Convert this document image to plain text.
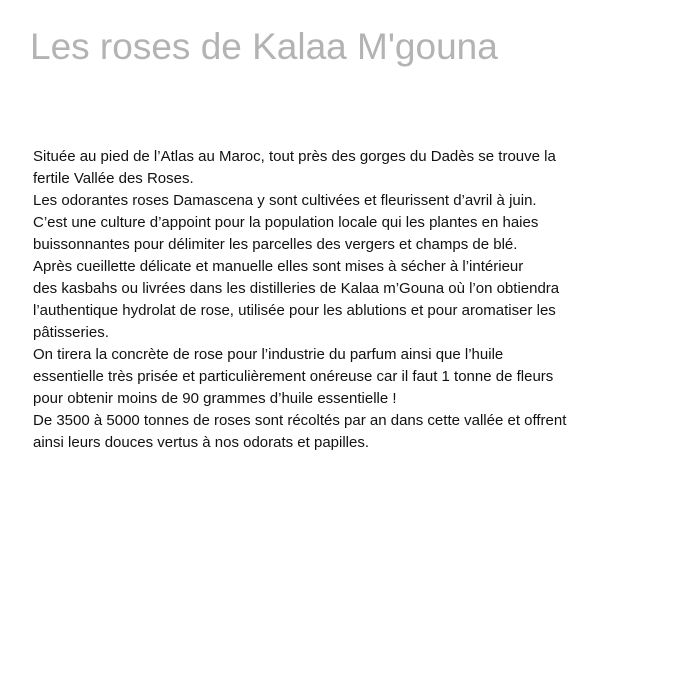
Les roses de Kalaa M'gouna
Située au pied de l’Atlas au Maroc, tout près des gorges du Dadès se trouve la
fertile Vallée des Roses.
Les odorantes roses Damascena y sont cultivées et fleurissent d’avril à juin.
C’est une culture d’appoint pour la population locale qui les plantes en haies
buissonnantes pour délimiter les parcelles des vergers et champs de blé.
Après cueillette délicate et manuelle elles sont mises à sécher à l’intérieur
des kasbahs ou livrées dans les distilleries de Kalaa m’Gouna où l’on obtiendra
l’authentique hydrolat de rose, utilisée pour les ablutions et pour aromatiser les
pâtisseries.
On tirera la concrète de rose pour l’industrie du parfum ainsi que l’huile
essentielle très prisée et particulièrement onéreuse car il faut 1 tonne de fleurs
pour obtenir moins de 90 grammes d’huile essentielle !
De 3500 à 5000 tonnes de roses sont récoltés par an dans cette vallée et offrent
ainsi leurs douces vertus à nos odorats et papilles.
